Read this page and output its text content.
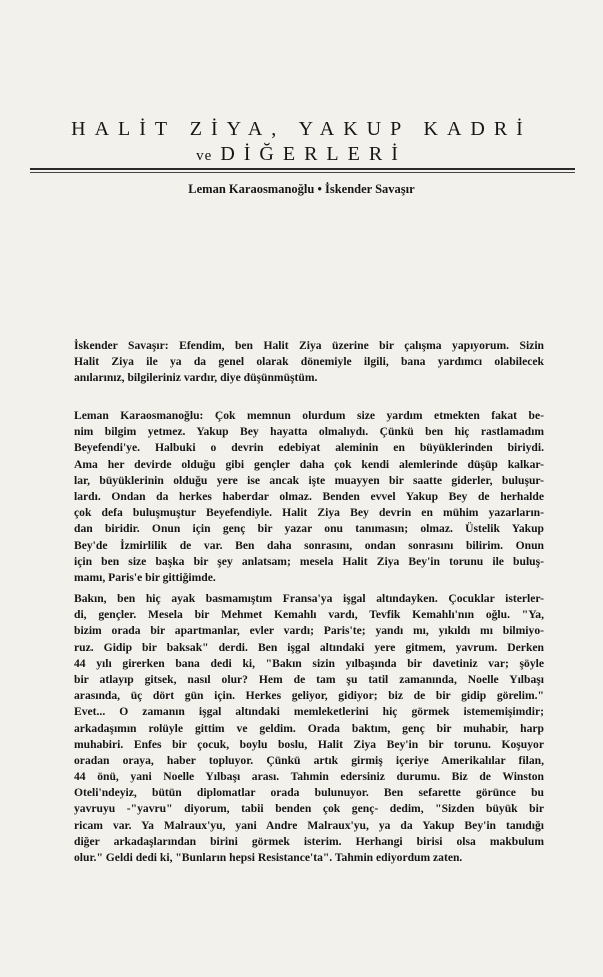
HALİT ZİYA, YAKUP KADRİ
ve DİĞERLERİ
Leman Karaosmanoğlu • İskender Savaşır
İskender Savaşır: Efendim, ben Halit Ziya üzerine bir çalışma yapıyorum. Sizin
Halit Ziya ile ya da genel olarak dönemiyle ilgili, bana yardımcı olabilecek
anılarınız, bilgileriniz vardır, diye düşünmüştüm.
Leman Karaosmanoğlu: Çok memnun olurdum size yardım etmekten fakat be-
nim bilgim yetmez. Yakup Bey hayatta olmalıydı. Çünkü ben hiç rastlamadım
Beyefendi'ye. Halbuki o devrin edebiyat aleminin en büyüklerinden biriydi.
Ama her devirde olduğu gibi gençler daha çok kendi alemlerinde düşüp kalkar-
lar, büyüklerinin olduğu yere ise ancak işte muayyen bir saatte giderler, buluşur-
lardı. Ondan da herkes haberdar olmaz. Benden evvel Yakup Bey de herhalde
çok defa buluşmuştur Beyefendiyle. Halit Ziya Bey devrin en mühim yazarların-
dan biridir. Onun için genç bir yazar onu tanımasın; olmaz. Üstelik Yakup
Bey'de İzmirlilik de var. Ben daha sonrasını, ondan sonrasını bilirim. Onun
için ben size başka bir şey anlatsam; mesela Halit Ziya Bey'in torunu ile buluş-
mamı, Paris'e bir gittiğimde.
Bakın, ben hiç ayak basmamıştım Fransa'ya işgal altındayken. Çocuklar isterler-
di, gençler. Mesela bir Mehmet Kemahlı vardı, Tevfik Kemahlı'nın oğlu. "Ya,
bizim orada bir apartmanlar, evler vardı; Paris'te; yandı mı, yıkıldı mı bilmiyo-
ruz. Gidip bir baksak" derdi. Ben işgal altındaki yere gitmem, yavrum. Derken
44 yılı girerken bana dedi ki, "Bakın sizin yılbaşında bir davetiniz var; şöyle
bir atlayıp gitsek, nasıl olur? Hem de tam şu tatil zamanında, Noelle Yılbaşı
arasında, üç dört gün için. Herkes geliyor, gidiyor; biz de bir gidip görelim."
Evet... O zamanın işgal altındaki memleketlerini hiç görmek istememişimdir;
arkadaşımın rolüyle gittim ve geldim. Orada baktım, genç bir muhabir, harp
muhabiri. Enfes bir çocuk, boylu boslu, Halit Ziya Bey'in bir torunu. Koşuyor
oradan oraya, haber topluyor. Çünkü artık girmiş içeriye Amerikalılar filan,
44 önü, yani Noelle Yılbaşı arası. Tahmin edersiniz durumu. Biz de Winston
Oteli'ndeyiz, bütün diplomatlar orada bulunuyor. Ben sefarette görünce bu
yavruyu -"yavru" diyorum, tabii benden çok genç- dedim, "Sizden büyük bir
ricam var. Ya Malraux'yu, yani Andre Malraux'yu, ya da Yakup Bey'in tanıdığı
diğer arkadaşlarından birini görmek isterim. Herhangi birisi olsa makbulum
olur." Geldi dedi ki, "Bunların hepsi Resistance'ta". Tahmin ediyordum zaten.
